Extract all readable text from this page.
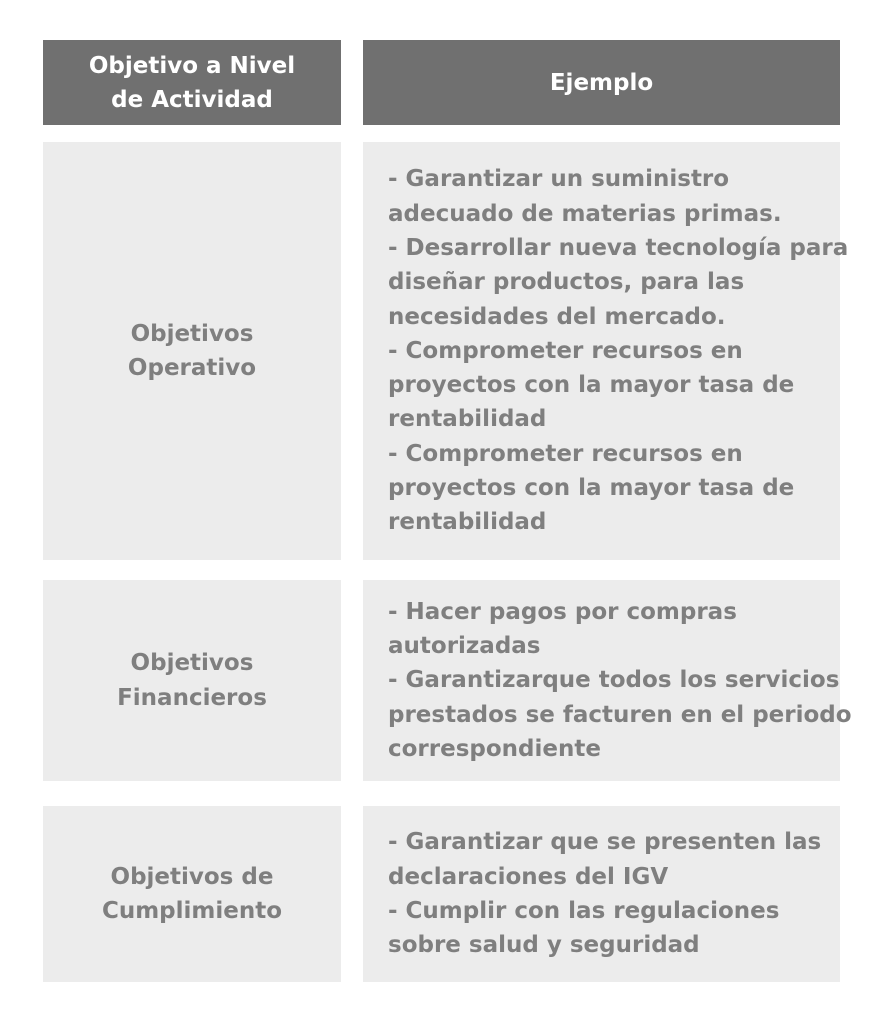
Objetivo a Nivel
de Actividad
Ejemplo
Objetivos
Operativo
- Garantizar un suministro
adecuado de materias primas.
- Desarrollar nueva tecnología para
diseñar productos, para las
necesidades del mercado.
- Comprometer recursos en
proyectos con la mayor tasa de
rentabilidad
- Comprometer recursos en
proyectos con la mayor tasa de
rentabilidad
Objetivos
Financieros
- Hacer pagos por compras
autorizadas
- Garantizarque todos los servicios
prestados se facturen en el periodo
correspondiente
Objetivos de
Cumplimiento
- Garantizar que se presenten las
declaraciones del IGV
- Cumplir con las regulaciones
sobre salud y seguridad
